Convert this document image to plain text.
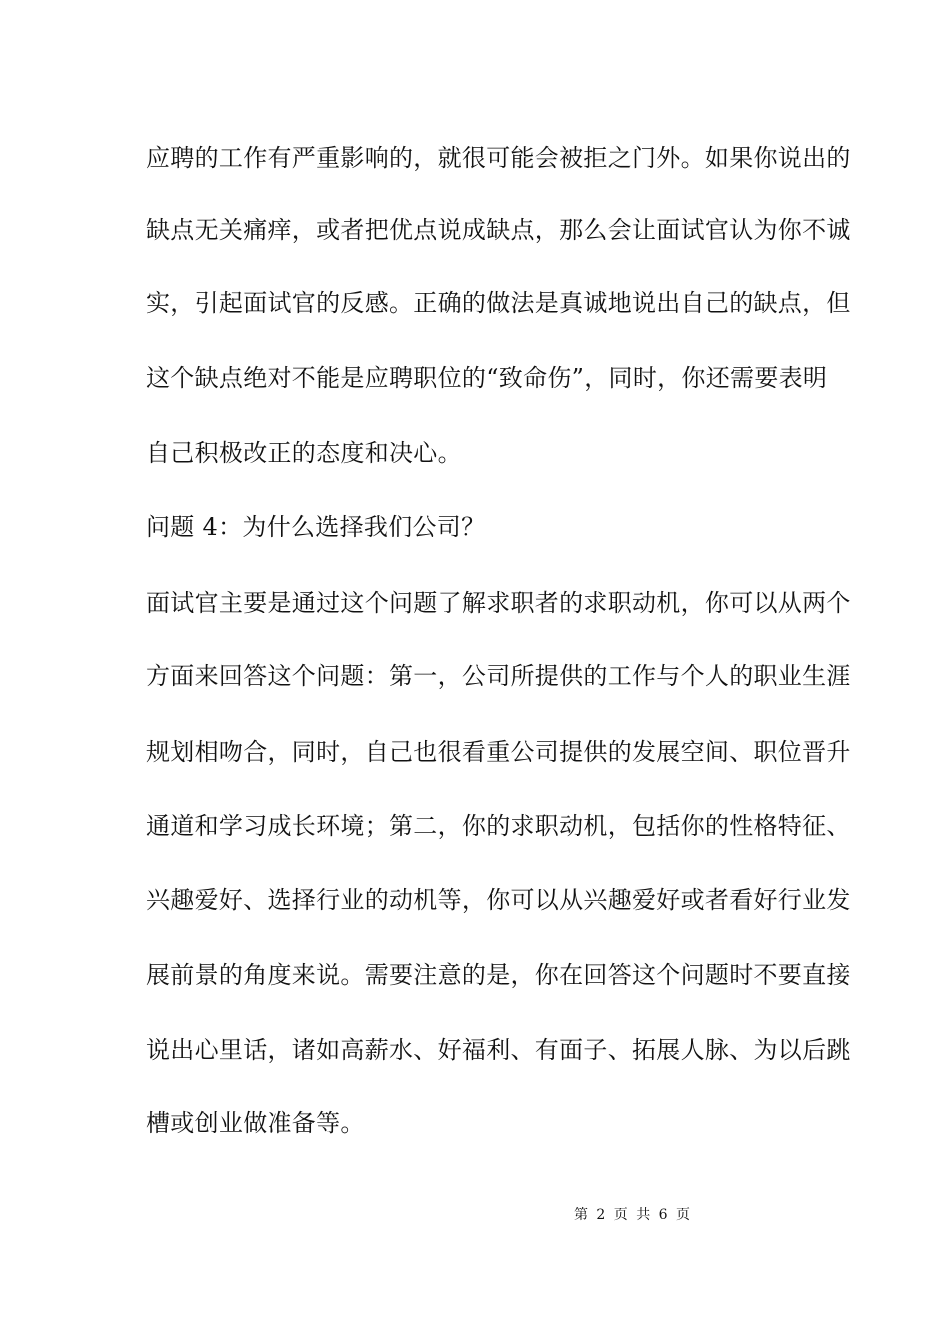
应聘的工作有严重影响的，就很可能会被拒之门外。如果你说出的
缺点无关痛痒，或者把优点说成缺点，那么会让面试官认为你不诚
实，引起面试官的反感。正确的做法是真诚地说出自己的缺点，但
这个缺点绝对不能是应聘职位的“致命伤”，同时，你还需要表明
自己积极改正的态度和决心。
问题 4：为什么选择我们公司？
面试官主要是通过这个问题了解求职者的求职动机，你可以从两个
方面来回答这个问题：第一，公司所提供的工作与个人的职业生涯
规划相吻合，同时，自己也很看重公司提供的发展空间、职位晋升
通道和学习成长环境；第二，你的求职动机，包括你的性格特征、
兴趣爱好、选择行业的动机等，你可以从兴趣爱好或者看好行业发
展前景的角度来说。需要注意的是，你在回答这个问题时不要直接
说出心里话，诸如高薪水、好福利、有面子、拓展人脉、为以后跳
槽或创业做准备等。
第 2 页 共 6 页
